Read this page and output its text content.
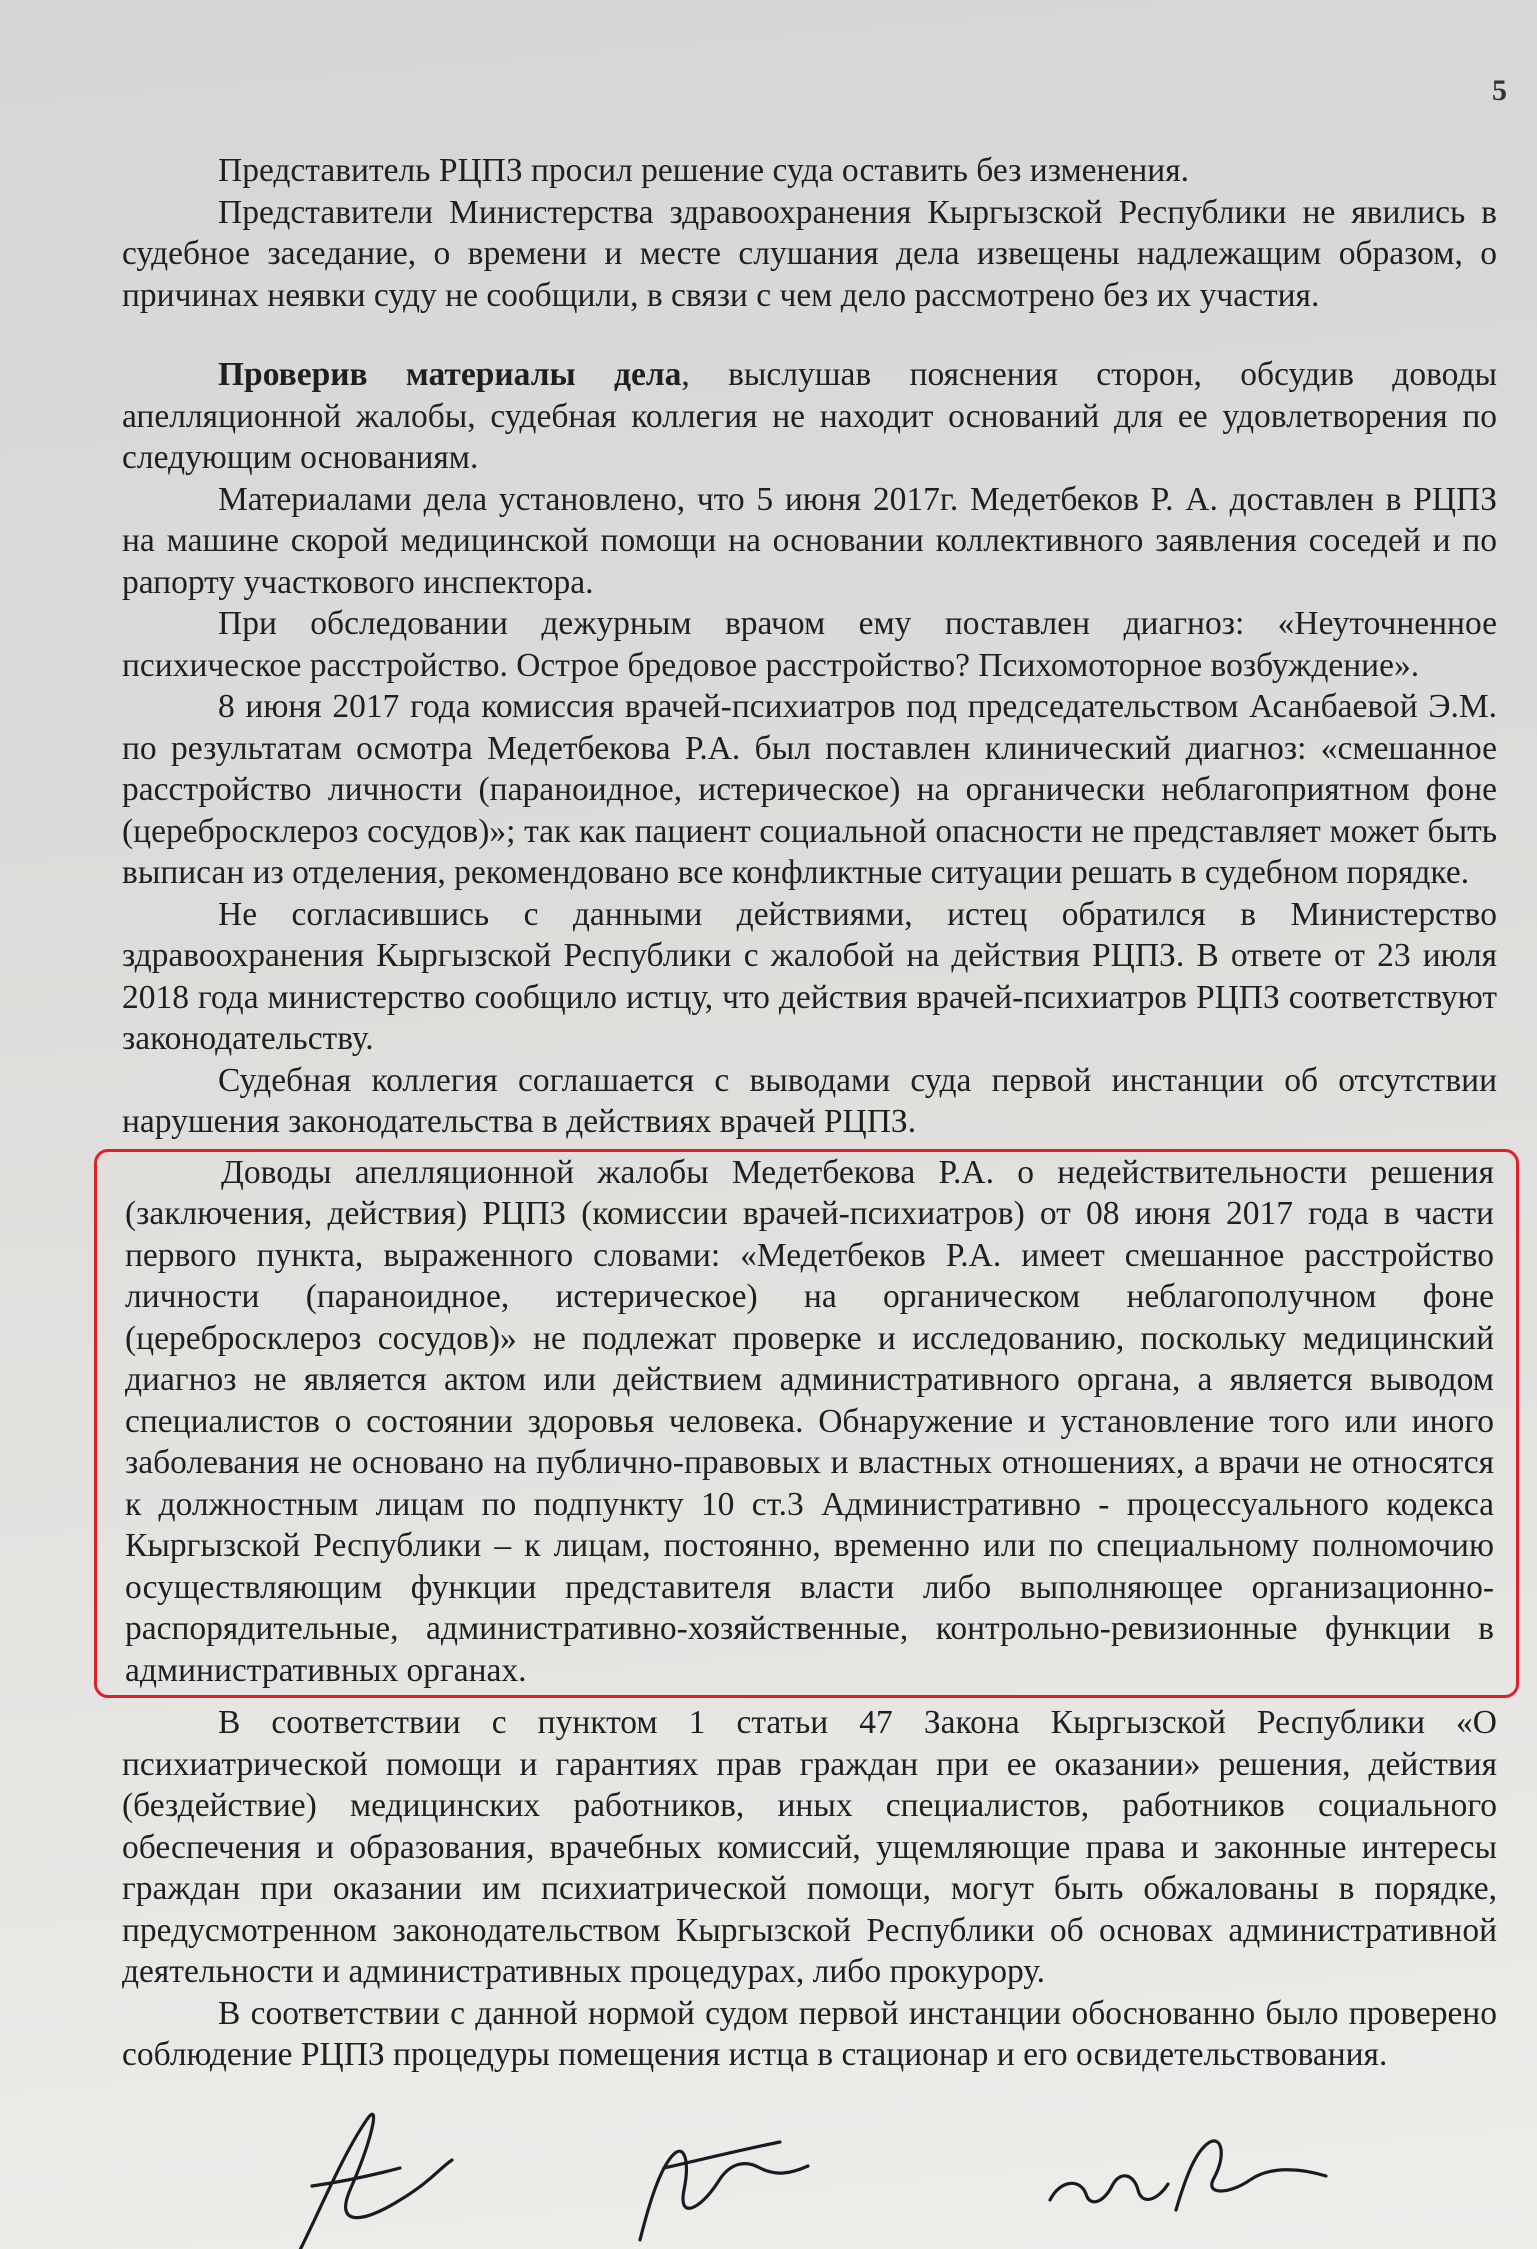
5

Представитель РЦПЗ просил решение суда оставить без изменения.

Представители Министерства здравоохранения Кыргызской Республики не явились в судебное заседание, о времени и месте слушания дела извещены надлежащим образом, о причинах неявки суду не сообщили, в связи с чем дело рассмотрено без их участия.

Проверив материалы дела, выслушав пояснения сторон, обсудив доводы апелляционной жалобы, судебная коллегия не находит оснований для ее удовлетворения по следующим основаниям.

Материалами дела установлено, что 5 июня 2017г. Медетбеков Р. А. доставлен в РЦПЗ на машине скорой медицинской помощи на основании коллективного заявления соседей и по рапорту участкового инспектора.

При обследовании дежурным врачом ему поставлен диагноз: «Неуточненное психическое расстройство. Острое бредовое расстройство? Психомоторное возбуждение».

8 июня 2017 года комиссия врачей-психиатров под председательством Асанбаевой Э.М. по результатам осмотра Медетбекова Р.А. был поставлен клинический диагноз: «смешанное расстройство личности (параноидное, истерическое) на органически неблагоприятном фоне (церебросклероз сосудов)»; так как пациент социальной опасности не представляет может быть выписан из отделения, рекомендовано все конфликтные ситуации решать в судебном порядке.

Не согласившись с данными действиями, истец обратился в Министерство здравоохранения Кыргызской Республики с жалобой на действия РЦПЗ. В ответе от 23 июля 2018 года министерство сообщило истцу, что действия врачей-психиатров РЦПЗ соответствуют законодательству.

Судебная коллегия соглашается с выводами суда первой инстанции об отсутствии нарушения законодательства в действиях врачей РЦПЗ.

Доводы апелляционной жалобы Медетбекова Р.А. о недействительности решения (заключения, действия) РЦПЗ (комиссии врачей-психиатров) от 08 июня 2017 года в части первого пункта, выраженного словами: «Медетбеков Р.А. имеет смешанное расстройство личности (параноидное, истерическое) на органическом неблагополучном фоне (церебросклероз сосудов)» не подлежат проверке и исследованию, поскольку медицинский диагноз не является актом или действием административного органа, а является выводом специалистов о состоянии здоровья человека. Обнаружение и установление того или иного заболевания не основано на публично-правовых и властных отношениях, а врачи не относятся к должностным лицам по подпункту 10 ст.3 Административно - процессуального кодекса Кыргызской Республики – к лицам, постоянно, временно или по специальному полномочию осуществляющим функции представителя власти либо выполняющее организационно-распорядительные, административно-хозяйственные, контрольно-ревизионные функции в административных органах.

В соответствии с пунктом 1 статьи 47 Закона Кыргызской Республики «О психиатрической помощи и гарантиях прав граждан при ее оказании» решения, действия (бездействие) медицинских работников, иных специалистов, работников социального обеспечения и образования, врачебных комиссий, ущемляющие права и законные интересы граждан при оказании им психиатрической помощи, могут быть обжалованы в порядке, предусмотренном законодательством Кыргызской Республики об основах административной деятельности и административных процедурах, либо прокурору.

В соответствии с данной нормой судом первой инстанции обоснованно было проверено соблюдение РЦПЗ процедуры помещения истца в стационар и его освидетельствования.
